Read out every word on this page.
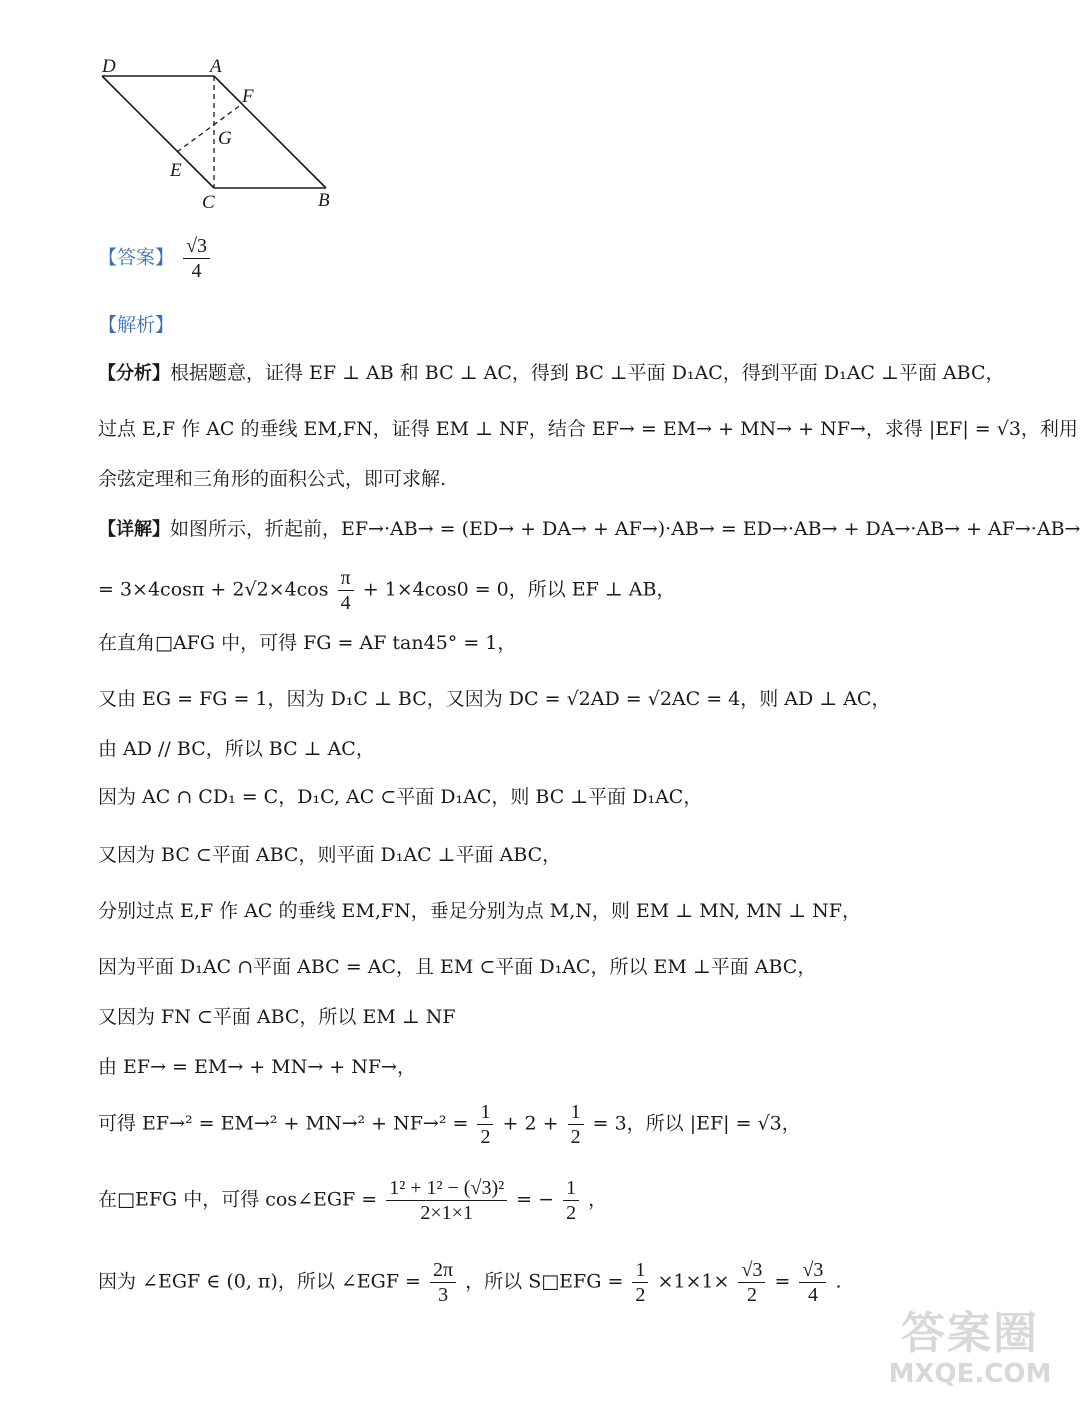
D	A
F
G
E
C	B
【答案】 $\frac{√3}{4}$
【解析】
【分析】根据题意，证得 EF ⊥ AB 和 BC ⊥ AC，得到 BC ⊥平面 D₁AC，得到平面 D₁AC ⊥平面 ABC，
过点 E,F 作 AC 的垂线 EM,FN，证得 EM ⊥ NF，结合 EF→ = EM→ + MN→ + NF→，求得 |EF| = √3，利用
余弦定理和三角形的面积公式，即可求解.
【详解】如图所示，折起前，EF→·AB→ = (ED→ + DA→ + AF→)·AB→ = ED→·AB→ + DA→·AB→ + AF→·AB→
= $3\times 4\cos\pi + 2√2\times 4\cos \frac{\pi}{4} + 1\times 4\cos 0 = 0$，所以 EF ⊥ AB，
在直角□AFG 中，可得 FG = AF tan45° = 1，
又由 EG = FG = 1，因为 D₁C ⊥ BC，又因为 DC = √2AD = √2AC = 4，则 AD ⊥ AC，
由 AD // BC，所以 BC ⊥ AC，
因为 AC ∩ CD₁ = C，D₁C, AC ⊂平面 D₁AC，则 BC ⊥平面 D₁AC，
又因为 BC ⊂平面 ABC，则平面 D₁AC ⊥平面 ABC，
分别过点 E,F 作 AC 的垂线 EM,FN，垂足分别为点 M,N，则 EM ⊥ MN, MN ⊥ NF，
因为平面 D₁AC ∩平面 ABC = AC，且 EM ⊂平面 D₁AC，所以 EM ⊥平面 ABC，
又因为 FN ⊂平面 ABC，所以 EM ⊥ NF
由 EF→ = EM→ + MN→ + NF→，
可得 $EF\to^2 = EM\to^2 + MN\to^2 + NF\to^2 = \frac{1}{2} + 2 + \frac{1}{2} = 3$，所以 |EF| = √3，
在□EFG 中，可得 cos∠EGF = $\frac{\text{1² + 1² − (√3)²}}{2\times 1\times 1}$ = − $\frac{1}{2}$ ，
因为 ∠EGF ∈ (0, π)，所以 ∠EGF = $\frac{2\pi}{3}$ ，所以 S□EFG = $\frac{1}{2} \times 1\times 1\times \frac{√3}{2} = \frac{√3}{4}$ .
答案圈
MXQE.COM
